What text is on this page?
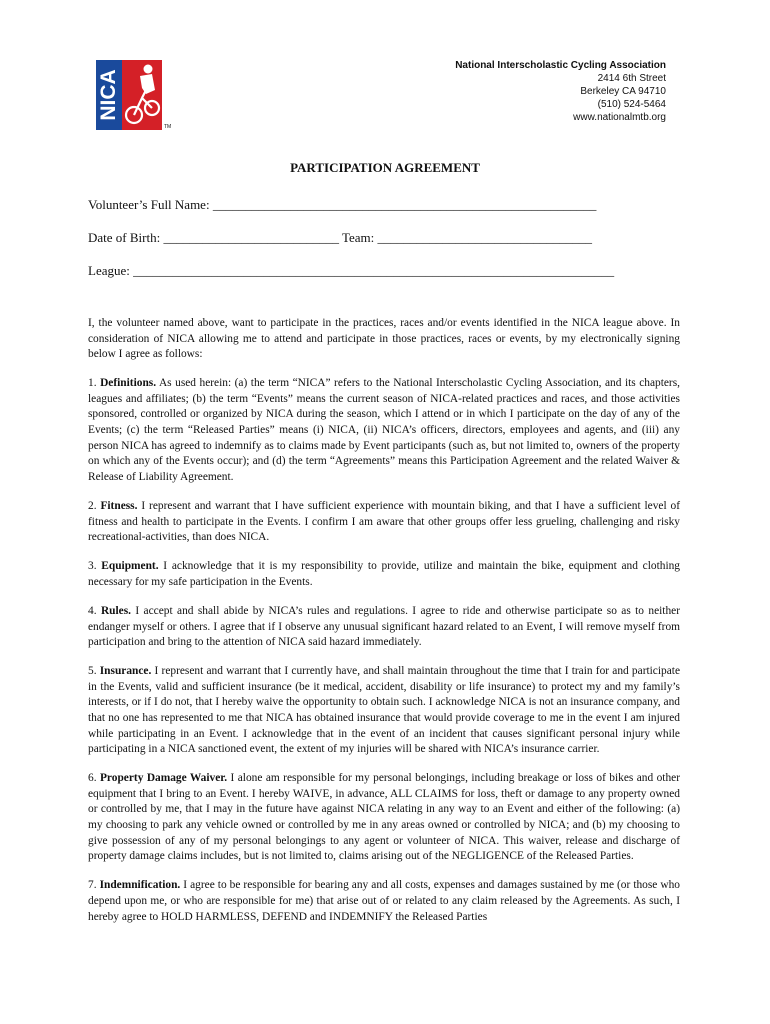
NICA
TM
National Interscholastic Cycling Association
2414 6th Street
Berkeley CA 94710
(510) 524-5464
www.nationalmtb.org
PARTICIPATION AGREEMENT
Volunteer’s Full Name: ___________________________________________________________
Date of Birth: ___________________________ Team: _________________________________
League: __________________________________________________________________________

I, the volunteer named above, want to participate in the practices, races and/or events identified in the NICA league above. In consideration of NICA allowing me to attend and participate in those practices, races or events, by my electronically signing below I agree as follows:

1. Definitions. As used herein: (a) the term “NICA” refers to the National Interscholastic Cycling Association, and its chapters, leagues and affiliates; (b) the term “Events” means the current season of NICA-related practices and races, and those activities sponsored, controlled or organized by NICA during the season, which I attend or in which I participate on the day of any of the Events; (c) the term “Released Parties” means (i) NICA, (ii) NICA’s officers, directors, employees and agents, and (iii) any person NICA has agreed to indemnify as to claims made by Event participants (such as, but not limited to, owners of the property on which any of the Events occur); and (d) the term “Agreements” means this Participation Agreement and the related Waiver & Release of Liability Agreement.

2. Fitness. I represent and warrant that I have sufficient experience with mountain biking, and that I have a sufficient level of fitness and health to participate in the Events. I confirm I am aware that other groups offer less grueling, challenging and risky recreational-activities, than does NICA.

3. Equipment. I acknowledge that it is my responsibility to provide, utilize and maintain the bike, equipment and clothing necessary for my safe participation in the Events.

4. Rules. I accept and shall abide by NICA’s rules and regulations. I agree to ride and otherwise participate so as to neither endanger myself or others. I agree that if I observe any unusual significant hazard related to an Event, I will remove myself from participation and bring to the attention of NICA said hazard immediately.

5. Insurance. I represent and warrant that I currently have, and shall maintain throughout the time that I train for and participate in the Events, valid and sufficient insurance (be it medical, accident, disability or life insurance) to protect my and my family’s interests, or if I do not, that I hereby waive the opportunity to obtain such. I acknowledge NICA is not an insurance company, and that no one has represented to me that NICA has obtained insurance that would provide coverage to me in the event I am injured while participating in an Event. I acknowledge that in the event of an incident that causes significant personal injury while participating in a NICA sanctioned event, the extent of my injuries will be shared with NICA’s insurance carrier.

6. Property Damage Waiver. I alone am responsible for my personal belongings, including breakage or loss of bikes and other equipment that I bring to an Event. I hereby WAIVE, in advance, ALL CLAIMS for loss, theft or damage to any property owned or controlled by me, that I may in the future have against NICA relating in any way to an Event and either of the following: (a) my choosing to park any vehicle owned or controlled by me in any areas owned or controlled by NICA; and (b) my choosing to give possession of any of my personal belongings to any agent or volunteer of NICA. This waiver, release and discharge of property damage claims includes, but is not limited to, claims arising out of the NEGLIGENCE of the Released Parties.

7. Indemnification. I agree to be responsible for bearing any and all costs, expenses and damages sustained by me (or those who depend upon me, or who are responsible for me) that arise out of or related to any claim released by the Agreements. As such, I hereby agree to HOLD HARMLESS, DEFEND and INDEMNIFY the Released Parties
